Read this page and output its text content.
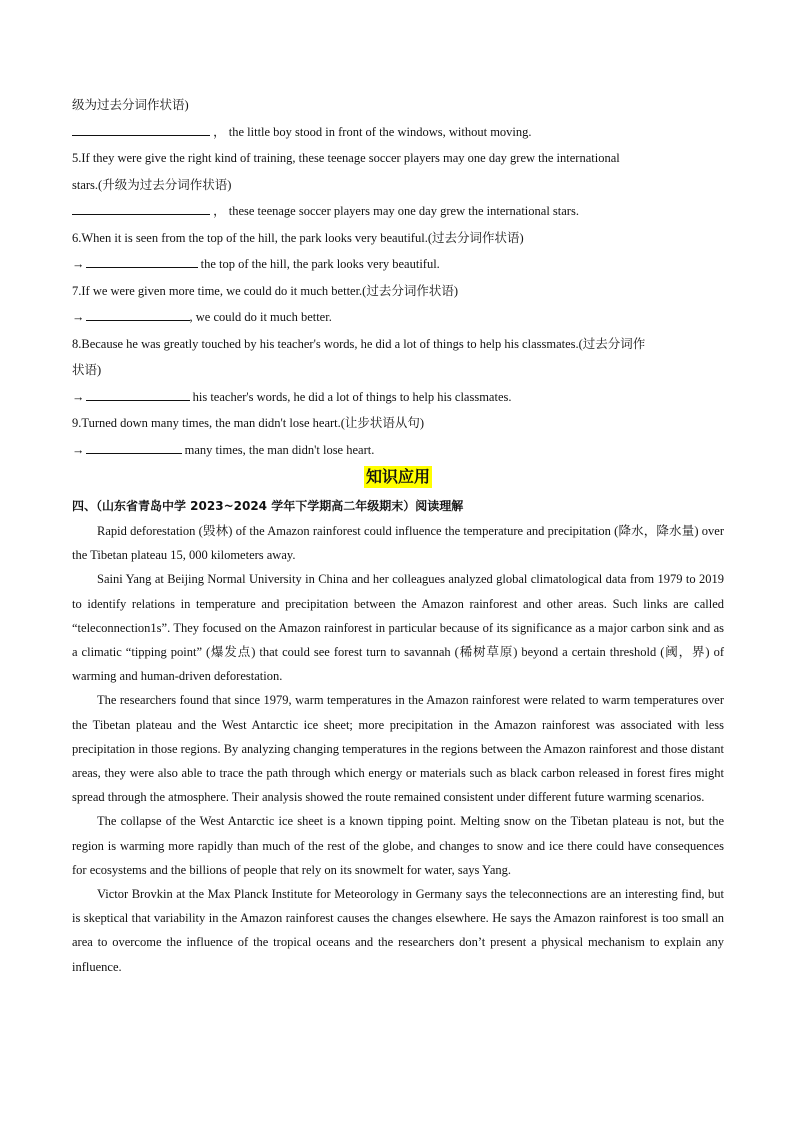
级为过去分词作状语)
， the little boy stood in front of the windows, without moving.
5.If they were give the right kind of training, these teenage soccer players may one day grew the international
stars.(升级为过去分词作状语)
， these teenage soccer players may one day grew the international stars.
6.When it is seen from the top of the hill, the park looks very beautiful.(过去分词作状语)
→	the top of the hill, the park looks very beautiful.
7.If we were given more time, we could do it much better.(过去分词作状语)
→	, we could do it much better.
8.Because he was greatly touched by his teacher's words, he did a lot of things to help his classmates.(过去分词作
状语)
→	his teacher's words, he did a lot of things to help his classmates.
9.Turned down many times, the man didn't lose heart.(让步状语从句)
→	many times, the man didn't lose heart.
知识应用
四、（山东省青岛中学 2023~2024 学年下学期高二年级期末）阅读理解

Rapid deforestation (毁林) of the Amazon rainforest could influence the temperature and precipitation (降水，降水量) over the Tibetan plateau 15, 000 kilometers away.

Saini Yang at Beijing Normal University in China and her colleagues analyzed global climatological data from 1979 to 2019 to identify relations in temperature and precipitation between the Amazon rainforest and other areas. Such links are called “teleconnection1s”. They focused on the Amazon rainforest in particular because of its significance as a major carbon sink and as a climatic “tipping point” (爆发点) that could see forest turn to savannah (稀树草原) beyond a certain threshold (阈，界) of warming and human-driven deforestation.

The researchers found that since 1979, warm temperatures in the Amazon rainforest were related to warm temperatures over the Tibetan plateau and the West Antarctic ice sheet; more precipitation in the Amazon rainforest was associated with less precipitation in those regions. By analyzing changing temperatures in the regions between the Amazon rainforest and those distant areas, they were also able to trace the path through which energy or materials such as black carbon released in forest fires might spread through the atmosphere. Their analysis showed the route remained consistent under different future warming scenarios.

The collapse of the West Antarctic ice sheet is a known tipping point. Melting snow on the Tibetan plateau is not, but the region is warming more rapidly than much of the rest of the globe, and changes to snow and ice there could have consequences for ecosystems and the billions of people that rely on its snowmelt for water, says Yang.

Victor Brovkin at the Max Planck Institute for Meteorology in Germany says the teleconnections are an interesting find, but is skeptical that variability in the Amazon rainforest causes the changes elsewhere. He says the Amazon rainforest is too small an area to overcome the influence of the tropical oceans and the researchers don’t present a physical mechanism to explain any influence.
